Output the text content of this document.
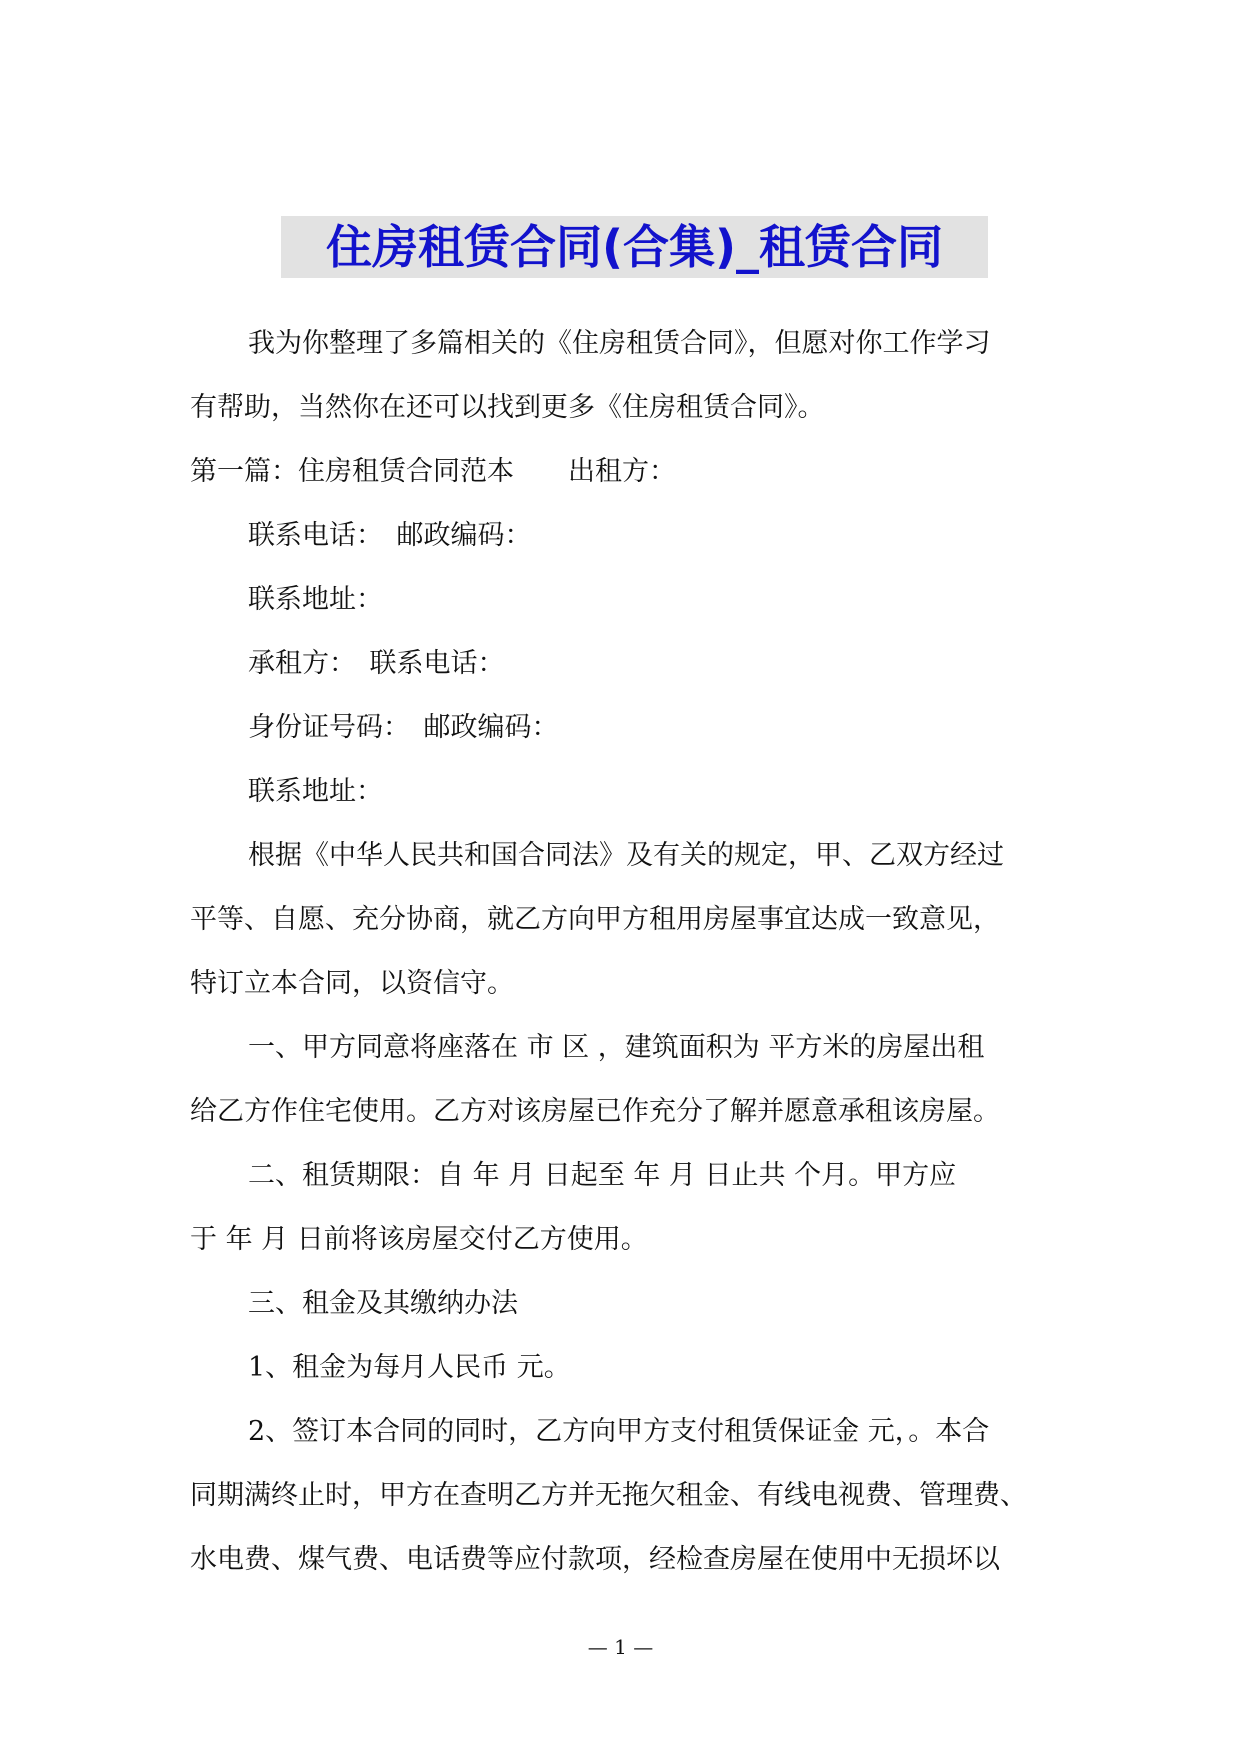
住房租赁合同(合集)_租赁合同
我为你整理了多篇相关的《住房租赁合同》，但愿对你工作学习
有帮助，当然你在还可以找到更多《住房租赁合同》。
第一篇：住房租赁合同范本　　出租方：
联系电话：　邮政编码：
联系地址：
承租方：　联系电话：
身份证号码：　邮政编码：
联系地址：
根据《中华人民共和国合同法》及有关的规定，甲、乙双方经过
平等、自愿、充分协商，就乙方向甲方租用房屋事宜达成一致意见，
特订立本合同，以资信守。
一、甲方同意将座落在 市 区 ，建筑面积为 平方米的房屋出租
给乙方作住宅使用。乙方对该房屋已作充分了解并愿意承租该房屋。
二、租赁期限：自 年 月 日起至 年 月 日止共 个月。甲方应
于 年 月 日前将该房屋交付乙方使用。
三、租金及其缴纳办法
1、租金为每月人民币 元。
2、签订本合同的同时，乙方向甲方支付租赁保证金 元，。本合
同期满终止时，甲方在查明乙方并无拖欠租金、有线电视费、管理费、
水电费、煤气费、电话费等应付款项，经检查房屋在使用中无损坏以
— 1 —
